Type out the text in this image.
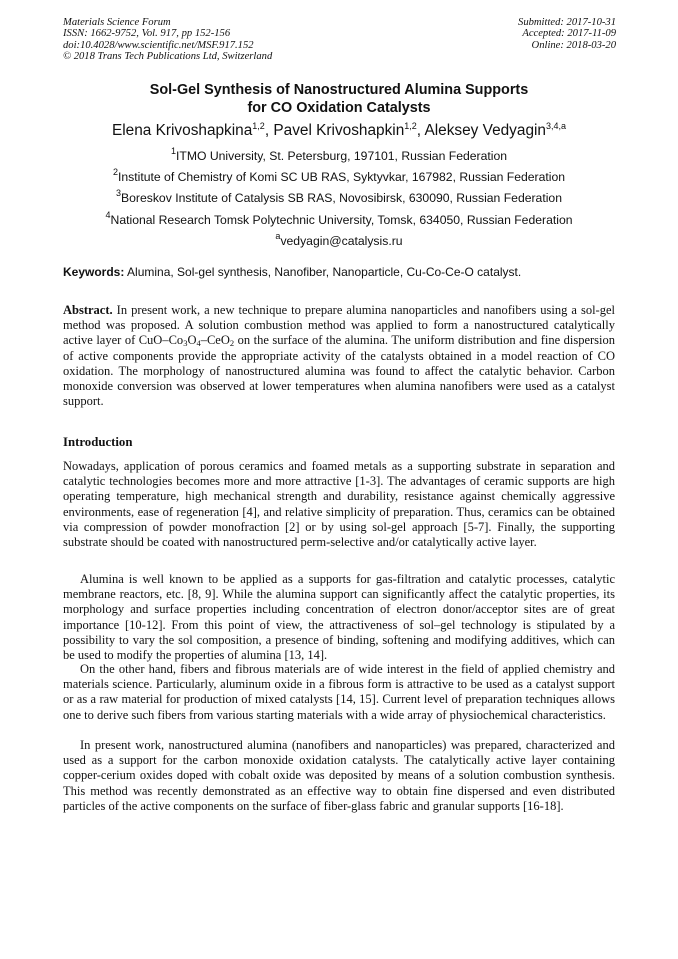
Materials Science Forum
ISSN: 1662-9752, Vol. 917, pp 152-156
doi:10.4028/www.scientific.net/MSF.917.152
© 2018 Trans Tech Publications Ltd, Switzerland
Submitted: 2017-10-31
Accepted: 2017-11-09
Online: 2018-03-20
Sol-Gel Synthesis of Nanostructured Alumina Supports
for CO Oxidation Catalysts
Elena Krivoshapkina$^{1,2}$, Pavel Krivoshapkin$^{1,2}$, Aleksey Vedyagin$^{3,4,a}$
$^1$ITMO University, St. Petersburg, 197101, Russian Federation
$^2$Institute of Chemistry of Komi SC UB RAS, Syktyvkar, 167982, Russian Federation
$^3$Boreskov Institute of Catalysis SB RAS, Novosibirsk, 630090, Russian Federation
$^4$National Research Tomsk Polytechnic University, Tomsk, 634050, Russian Federation
$^a$vedyagin@catalysis.ru
Keywords: Alumina, Sol-gel synthesis, Nanofiber, Nanoparticle, Cu-Co-Ce-O catalyst.
Abstract. In present work, a new technique to prepare alumina nanoparticles and nanofibers using a sol-gel method was proposed. A solution combustion method was applied to form a nanostructured catalytically active layer of CuO–$Co_3O_4-CeO_2$ on the surface of the alumina. The uniform distribution and fine dispersion of active components provide the appropriate activity of the catalysts obtained in a model reaction of CO oxidation. The morphology of nanostructured alumina was found to affect the catalytic behavior. Carbon monoxide conversion was observed at lower temperatures when alumina nanofibers were used as a catalyst support.
Introduction
Nowadays, application of porous ceramics and foamed metals as a supporting substrate in separation and catalytic technologies becomes more and more attractive [1-3]. The advantages of ceramic supports are high operating temperature, high mechanical strength and durability, resistance against chemically aggressive environments, ease of regeneration [4], and relative simplicity of preparation. Thus, ceramics can be obtained via compression of powder monofraction [2] or by using sol-gel approach [5-7]. Finally, the supporting substrate should be coated with nanostructured perm-selective and/or catalytically active layer.
Alumina is well known to be applied as a supports for gas-filtration and catalytic processes, catalytic membrane reactors, etc. [8, 9]. While the alumina support can significantly affect the catalytic properties, its morphology and surface properties including concentration of electron donor/acceptor sites are of great importance [10-12]. From this point of view, the attractiveness of sol–gel technology is stipulated by a possibility to vary the sol composition, a presence of binding, softening and modifying additives, which can be used to modify the properties of alumina [13, 14].
On the other hand, fibers and fibrous materials are of wide interest in the field of applied chemistry and materials science. Particularly, aluminum oxide in a fibrous form is attractive to be used as a catalyst support or as a raw material for production of mixed catalysts [14, 15]. Current level of preparation techniques allows one to derive such fibers from various starting materials with a wide array of physiochemical characteristics.
In present work, nanostructured alumina (nanofibers and nanoparticles) was prepared, characterized and used as a support for the carbon monoxide oxidation catalysts. The catalytically active layer containing copper-cerium oxides doped with cobalt oxide was deposited by means of a solution combustion synthesis. This method was recently demonstrated as an effective way to obtain fine dispersed and even distributed particles of the active components on the surface of fiber-glass fabric and granular supports [16-18].
